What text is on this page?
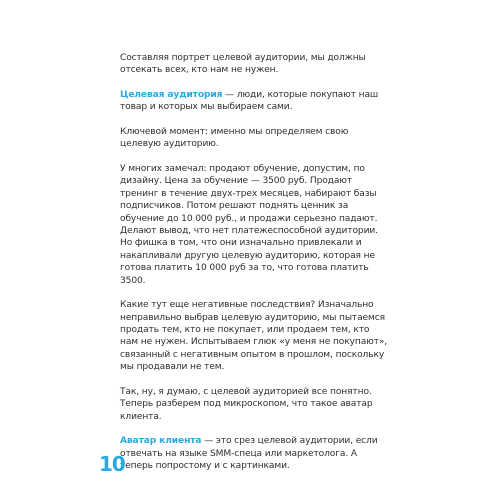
Составляя портрет целевой аудитории, мы должны отсекать всех, кто нам не нужен.

Целевая аудитория — люди, которые покупают наш товар и которых мы выбираем сами.

Ключевой момент: именно мы определяем свою целевую аудиторию.

У многих замечал: продают обучение, допустим, по дизайну. Цена за обучение — 3500 руб. Продают тренинг в течение двух-трех месяцев, набирают базы подписчиков. Потом решают поднять ценник за обучение до 10 000 руб., и продажи серьезно падают. Делают вывод, что нет платежеспособной аудитории. Но фишка в том, что они изначально привлекали и накапливали другую целевую аудиторию, которая не готова платить 10 000 руб за то, что готова платить 3500.

Какие тут еще негативные последствия? Изначально неправильно выбрав целевую аудиторию, мы пытаемся продать тем, кто не покупает, или продаем тем, кто нам не нужен. Испытываем глюк «у меня не покупают», связанный с негативным опытом в прошлом, поскольку мы продавали не тем.

Так, ну, я думаю, с целевой аудиторией все понятно. Теперь разберем под микроскопом, что такое аватар клиента.

Аватар клиента — это срез целевой аудитории, если отвечать на языке SMM-спеца или маркетолога. А теперь попростому и с картинками.

10
